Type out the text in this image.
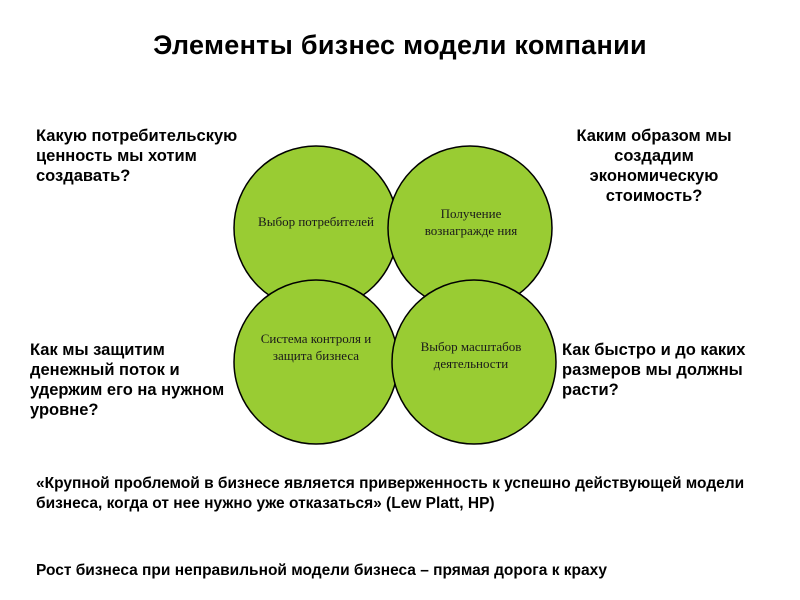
Элементы бизнес модели компании
Какую потребительскую ценность мы хотим создавать?
Каким образом мы создадим экономическую стоимость?
Как мы защитим денежный поток и удержим его на нужном уровне?
Как быстро и до каких размеров мы должны расти?
Выбор потребителей
Получение вознагражде ния
Система контроля и защита бизнеса
Выбор масштабов деятельности
«Крупной проблемой в бизнесе является приверженность к успешно действующей модели бизнеса, когда от нее нужно уже отказаться» (Lew Platt, HP)
Рост бизнеса при неправильной модели бизнеса – прямая дорога к краху
